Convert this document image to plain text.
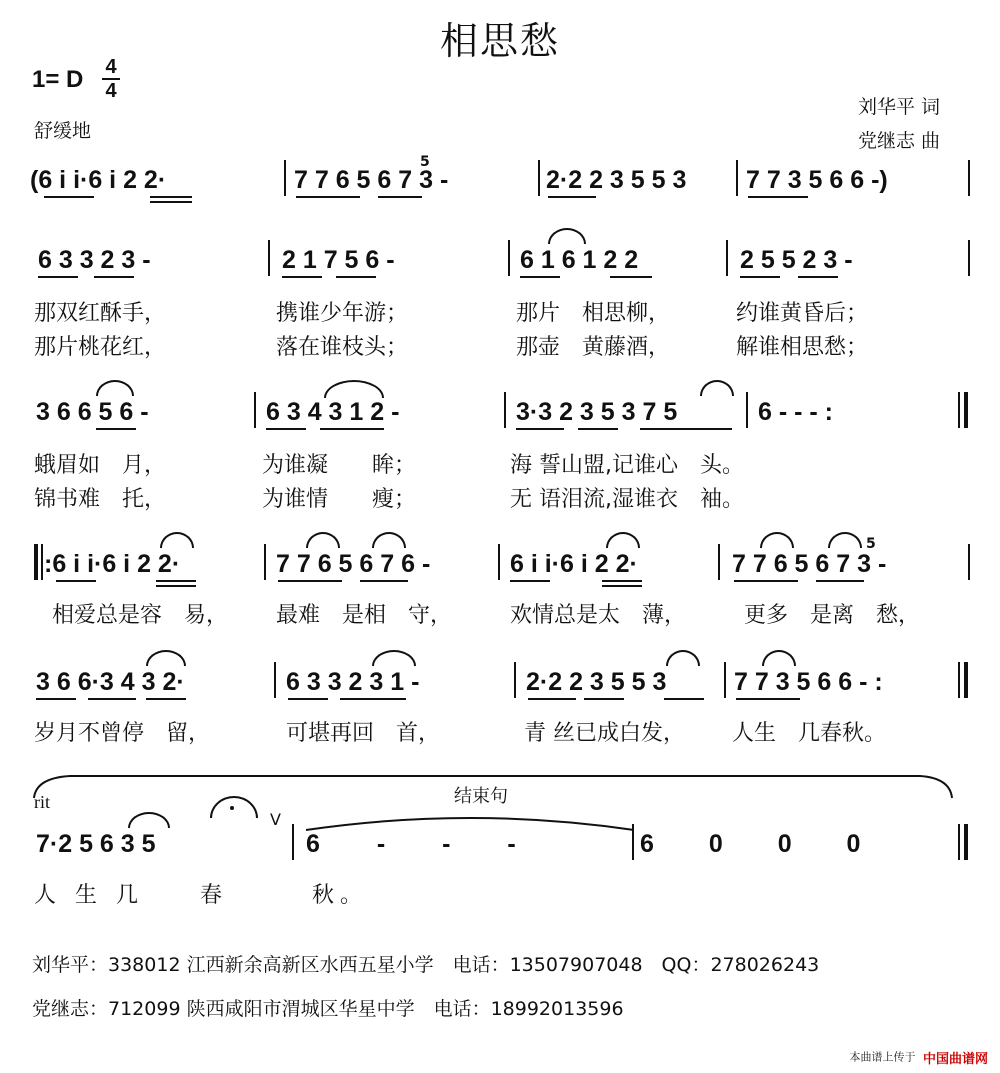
相思愁
1= D 4
4
舒缓地
刘华平 词
党继志 曲
(6 i i·6 i 2 2·	7 7 6 5 6 7 3 -
5
2·2 2 3 5 5 3 7 7 3 5 6 6 -)
6 3 3 2 3 -	2 1 7 5 6 -	6 1 6 1 2 2	2 5 5 2 3 -
那双红酥手，	携谁少年游；	那片　相思柳，	约谁黄昏后；
那片桃花红，	落在谁枝头；	那壶　黄藤酒，	解谁相思愁；
3 6 6 5 6 -	6 3 4 3 1 2 -	3·3 2 3 5 3 7 5	6 - - - :
蛾眉如　月，	为谁凝　　眸；	海 誓山盟,记谁心　头。
锦书难　托，	为谁情　　瘦；	无 语泪流,湿谁衣　袖。
:6 i i·6 i 2 2·	7 7 6 5 6 7 6 -	6 i i·6 i 2 2·	7 7 6 5 6 7 3 -
5
相爱总是容　易， 最难　是相　守，	欢情总是太　薄，	更多　是离　愁，
3 6 6·3 4 3 2·	6 3 3 2 3 1 -	2·2 2 3 5 5 3	7 7 3 5 6 6 - :
岁月不曾停　留，	可堪再回　首，	青 丝已成白发， 人生　几春秋。
rit	结束句
7·2 5 6 3 5
V
6 - - -	6 0 0 0
人 生 几　　春　　　秋。
刘华平：338012 江西新余高新区水西五星小学　电话：13507907048　QQ：278026243
党继志：712099 陕西咸阳市渭城区华星中学　电话：18992013596
本曲谱上传于 中国曲谱网
